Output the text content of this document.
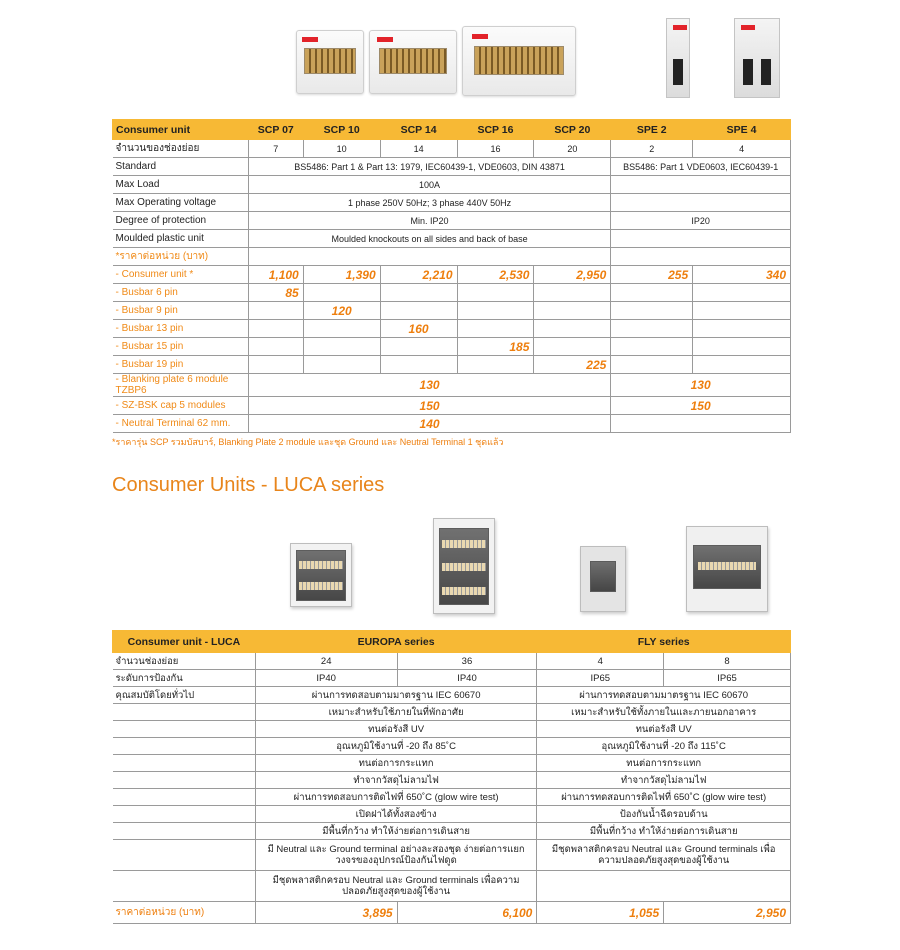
Consumer unit	SCP 07	SCP 10	SCP 14	SCP 16	SCP 20	SPE 2	SPE 4
จำนวนของช่องย่อย	7	10	14	16	20	2	4
Standard	BS5486: Part 1 & Part 13: 1979, IEC60439-1, VDE0603, DIN 43871					BS5486: Part 1 VDE0603, IEC60439-1	
Max Load	100A						
Max Operating voltage	1 phase 250V 50Hz; 3 phase 440V 50Hz						
Degree of protection	Min. IP20					IP20	
Moulded plastic unit	Moulded knockouts on all sides and back of base						
*ราคาต่อหน่วย (บาท)							
- Consumer unit *	1,100	1,390	2,210	2,530	2,950	255	340
- Busbar 6 pin	85						
- Busbar 9 pin		120					
- Busbar 13 pin			160				
- Busbar 15 pin				185			
- Busbar 19 pin					225		
- Blanking plate 6 module TZBP6	130					130	
- SZ-BSK cap 5 modules	150					150	
- Neutral Terminal 62 mm.	140						
*ราคารุ่น SCP รวมบัสบาร์, Blanking Plate 2 module และชุด Ground และ Neutral Terminal 1 ชุดแล้ว
Consumer Units - LUCA series
Consumer unit - LUCA	EUROPA series		FLY series	
จำนวนช่องย่อย	24	36	4	8
ระดับการป้องกัน	IP40	IP40	IP65	IP65
คุณสมบัติโดยทั่วไป	ผ่านการทดสอบตามมาตรฐาน IEC 60670		ผ่านการทดสอบตามมาตรฐาน IEC 60670	
	เหมาะสำหรับใช้ภายในที่พักอาศัย		เหมาะสำหรับใช้ทั้งภายในและภายนอกอาคาร	
	ทนต่อรังสี UV		ทนต่อรังสี UV	
	อุณหภูมิใช้งานที่ -20 ถึง 85˚C		อุณหภูมิใช้งานที่ -20 ถึง 115˚C	
	ทนต่อการกระแทก		ทนต่อการกระแทก	
	ทำจากวัสดุไม่ลามไฟ		ทำจากวัสดุไม่ลามไฟ	
	ผ่านการทดสอบการติดไฟที่ 650˚C (glow wire test)		ผ่านการทดสอบการติดไฟที่ 650˚C (glow wire test)	
	เปิดฝาได้ทั้งสองข้าง		ป้องกันน้ำฉีดรอบด้าน	
	มีพื้นที่กว้าง ทำให้ง่ายต่อการเดินสาย		มีพื้นที่กว้าง ทำให้ง่ายต่อการเดินสาย	
	มี Neutral และ Ground terminal อย่างละสองชุด ง่ายต่อการแยกวงจรของอุปกรณ์ป้องกันไฟดูด		มีชุดพลาสติกครอบ Neutral และ Ground terminals เพื่อความปลอดภัยสูงสุดของผู้ใช้งาน	
	มีชุดพลาสติกครอบ Neutral และ Ground terminals เพื่อความปลอดภัยสูงสุดของผู้ใช้งาน			
ราคาต่อหน่วย (บาท)	3,895	6,100	1,055	2,950
